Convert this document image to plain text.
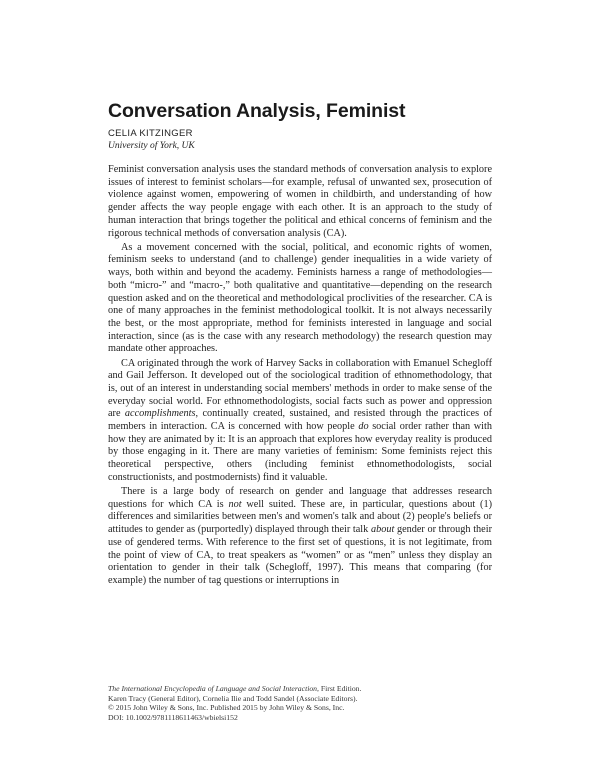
Conversation Analysis, Feminist
CELIA KITZINGER
University of York, UK

Feminist conversation analysis uses the standard methods of conversation analysis to explore issues of interest to feminist scholars—for example, refusal of unwanted sex, prosecution of violence against women, empowering of women in childbirth, and understanding of how gender affects the way people engage with each other. It is an approach to the study of human interaction that brings together the political and ethical concerns of feminism and the rigorous technical methods of conversation analysis (CA).

As a movement concerned with the social, political, and economic rights of women, feminism seeks to understand (and to challenge) gender inequalities in a wide variety of ways, both within and beyond the academy. Feminists harness a range of methodologies—both “micro-” and “macro-,” both qualitative and quantitative—depending on the research question asked and on the theoretical and methodological proclivities of the researcher. CA is one of many approaches in the feminist methodological toolkit. It is not always necessarily the best, or the most appropriate, method for feminists interested in language and social interaction, since (as is the case with any research methodology) the research question may mandate other approaches.

CA originated through the work of Harvey Sacks in collaboration with Emanuel Schegloff and Gail Jefferson. It developed out of the sociological tradition of ethnomethodology, that is, out of an interest in understanding social members' methods in order to make sense of the everyday social world. For ethnomethodologists, social facts such as power and oppression are accomplishments, continually created, sustained, and resisted through the practices of members in interaction. CA is concerned with how people do social order rather than with how they are animated by it: It is an approach that explores how everyday reality is produced by those engaging in it. There are many varieties of feminism: Some feminists reject this theoretical perspective, others (including feminist ethnomethodologists, social constructionists, and postmodernists) find it valuable.

There is a large body of research on gender and language that addresses research questions for which CA is not well suited. These are, in particular, questions about (1) differences and similarities between men's and women's talk and about (2) people's beliefs or attitudes to gender as (purportedly) displayed through their talk about gender or through their use of gendered terms. With reference to the first set of questions, it is not legitimate, from the point of view of CA, to treat speakers as “women” or as “men” unless they display an orientation to gender in their talk (Schegloff, 1997). This means that comparing (for example) the number of tag questions or interruptions in

The International Encyclopedia of Language and Social Interaction, First Edition.
Karen Tracy (General Editor), Cornelia Ilie and Todd Sandel (Associate Editors).
© 2015 John Wiley & Sons, Inc. Published 2015 by John Wiley & Sons, Inc.
DOI: 10.1002/9781118611463/wbielsi152
